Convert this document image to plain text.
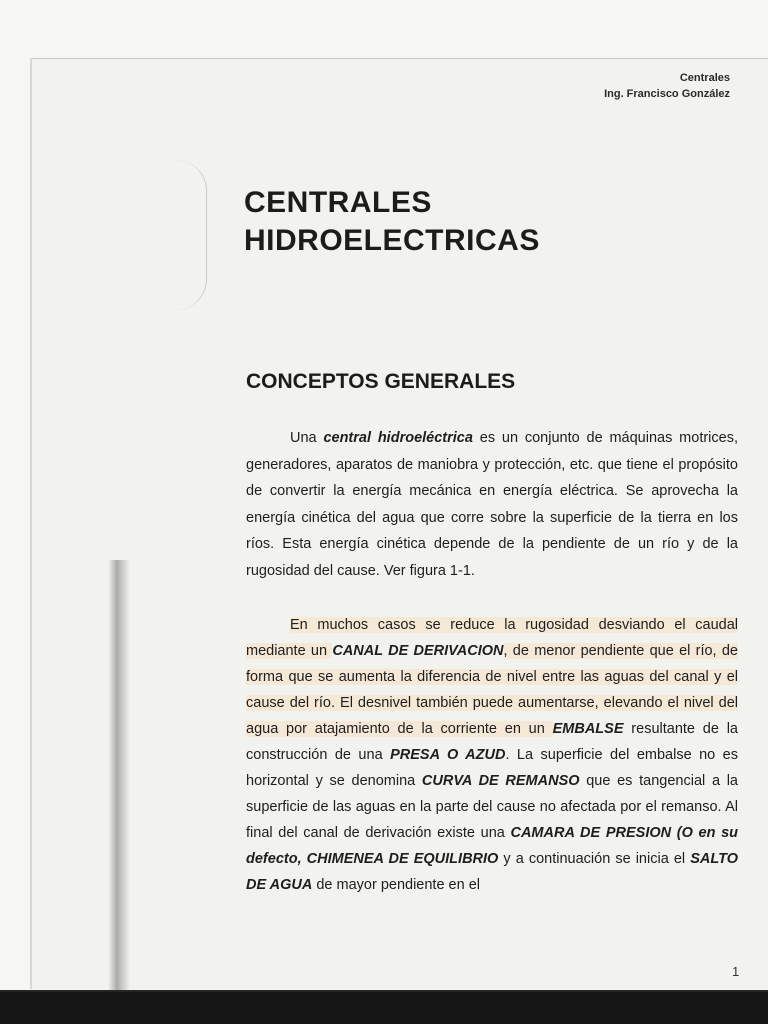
Centrales
Ing. Francisco González
CENTRALES
HIDROELECTRICAS
CONCEPTOS GENERALES
Una central hidroeléctrica es un conjunto de máquinas motrices, generadores, aparatos de maniobra y protección, etc. que tiene el propósito de convertir la energía mecánica en energía eléctrica. Se aprovecha la energía cinética del agua que corre sobre la superficie de la tierra en los ríos. Esta energía cinética depende de la pendiente de un río y de la rugosidad del cause. Ver figura 1-1.
En muchos casos se reduce la rugosidad desviando el caudal mediante un CANAL DE DERIVACION, de menor pendiente que el río, de forma que se aumenta la diferencia de nivel entre las aguas del canal y el cause del río. El desnivel también puede aumentarse, elevando el nivel del agua por atajamiento de la corriente en un EMBALSE resultante de la construcción de una PRESA O AZUD. La superficie del embalse no es horizontal y se denomina CURVA DE REMANSO que es tangencial a la superficie de las aguas en la parte del cause no afectada por el remanso. Al final del canal de derivación existe una CAMARA DE PRESION (O en su defecto, CHIMENEA DE EQUILIBRIO y a continuación se inicia el SALTO DE AGUA de mayor pendiente en el
1
